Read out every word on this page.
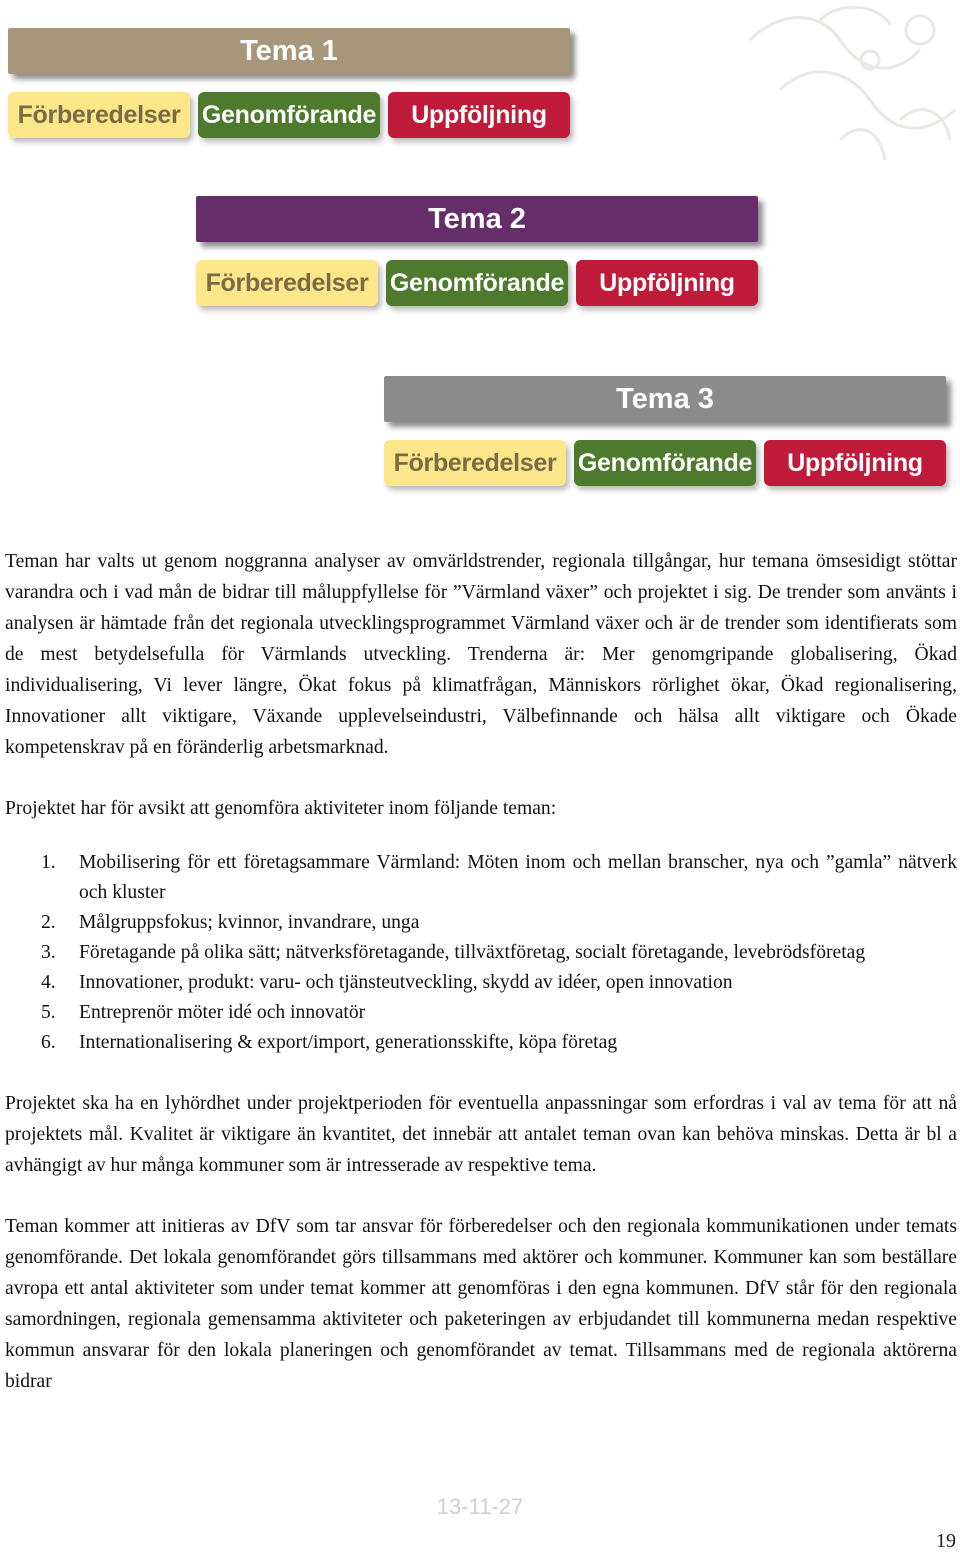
Tema 1
Förberedelser Genomförande	Uppföljning
Tema 2
Förberedelser Genomförande	Uppföljning
Tema 3
Förberedelser Genomförande	Uppföljning

Teman har valts ut genom noggranna analyser av omvärldstrender, regionala tillgångar, hur temana ömsesidigt stöttar varandra och i vad mån de bidrar till måluppfyllelse för ”Värmland växer” och projektet i sig. De trender som använts i analysen är hämtade från det regionala utvecklingsprogrammet Värmland växer och är de trender som identifierats som de mest betydelsefulla för Värmlands utveckling. Trenderna är: Mer genomgripande globalisering, Ökad individualisering, Vi lever längre, Ökat fokus på klimatfrågan, Människors rörlighet ökar, Ökad regionalisering, Innovationer allt viktigare, Växande upplevelseindustri, Välbefinnande och hälsa allt viktigare och Ökade kompetenskrav på en föränderlig arbetsmarknad.

Projektet har för avsikt att genomföra aktiviteter inom följande teman:

1. Mobilisering för ett företagsammare Värmland: Möten inom och mellan branscher, nya och ”gamla” nätverk och kluster
2. Målgruppsfokus; kvinnor, invandrare, unga
3. Företagande på olika sätt; nätverksföretagande, tillväxtföretag, socialt företagande, levebrödsföretag
4. Innovationer, produkt: varu- och tjänsteutveckling, skydd av idéer, open innovation
5. Entreprenör möter idé och innovatör
6. Internationalisering & export/import, generationsskifte, köpa företag

Projektet ska ha en lyhördhet under projektperioden för eventuella anpassningar som erfordras i val av tema för att nå projektets mål. Kvalitet är viktigare än kvantitet, det innebär att antalet teman ovan kan behöva minskas. Detta är bl a avhängigt av hur många kommuner som är intresserade av respektive tema.

Teman kommer att initieras av DfV som tar ansvar för förberedelser och den regionala kommunikationen under temats genomförande. Det lokala genomförandet görs tillsammans med aktörer och kommuner. Kommuner kan som beställare avropa ett antal aktiviteter som under temat kommer att genomföras i den egna kommunen. DfV står för den regionala samordningen, regionala gemensamma aktiviteter och paketeringen av erbjudandet till kommunerna medan respektive kommun ansvarar för den lokala planeringen och genomförandet av temat. Tillsammans med de regionala aktörerna bidrar

13-11-27
19
